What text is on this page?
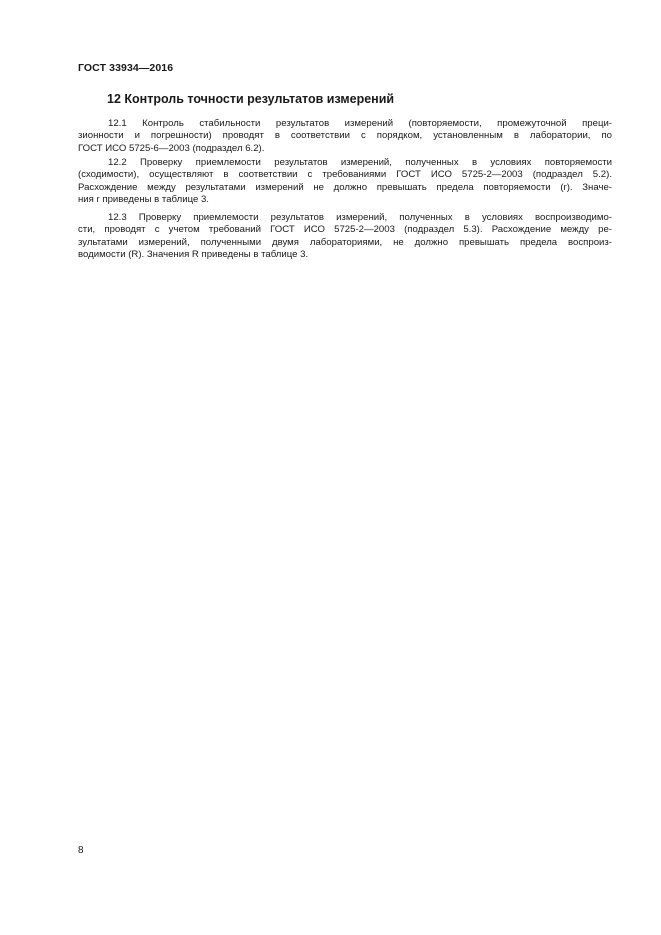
ГОСТ 33934—2016
12 Контроль точности результатов измерений
12.1 Контроль стабильности результатов измерений (повторяемости, промежуточной преци-
зионности и погрешности) проводят в соответствии с порядком, установленным в лаборатории, по
ГОСТ ИСО 5725-6—2003 (подраздел 6.2).
12.2 Проверку приемлемости результатов измерений, полученных в условиях повторяемости
(сходимости), осуществляют в соответствии с требованиями ГОСТ ИСО 5725-2—2003 (подраздел 5.2).
Расхождение между результатами измерений не должно превышать предела повторяемости (r). Значе-
ния r приведены в таблице 3.
12.3 Проверку приемлемости результатов измерений, полученных в условиях воспроизводимо-
сти, проводят с учетом требований ГОСТ ИСО 5725-2—2003 (подраздел 5.3). Расхождение между ре-
зультатами измерений, полученными двумя лабораториями, не должно превышать предела воспроиз-
водимости (R). Значения R приведены в таблице 3.
8
